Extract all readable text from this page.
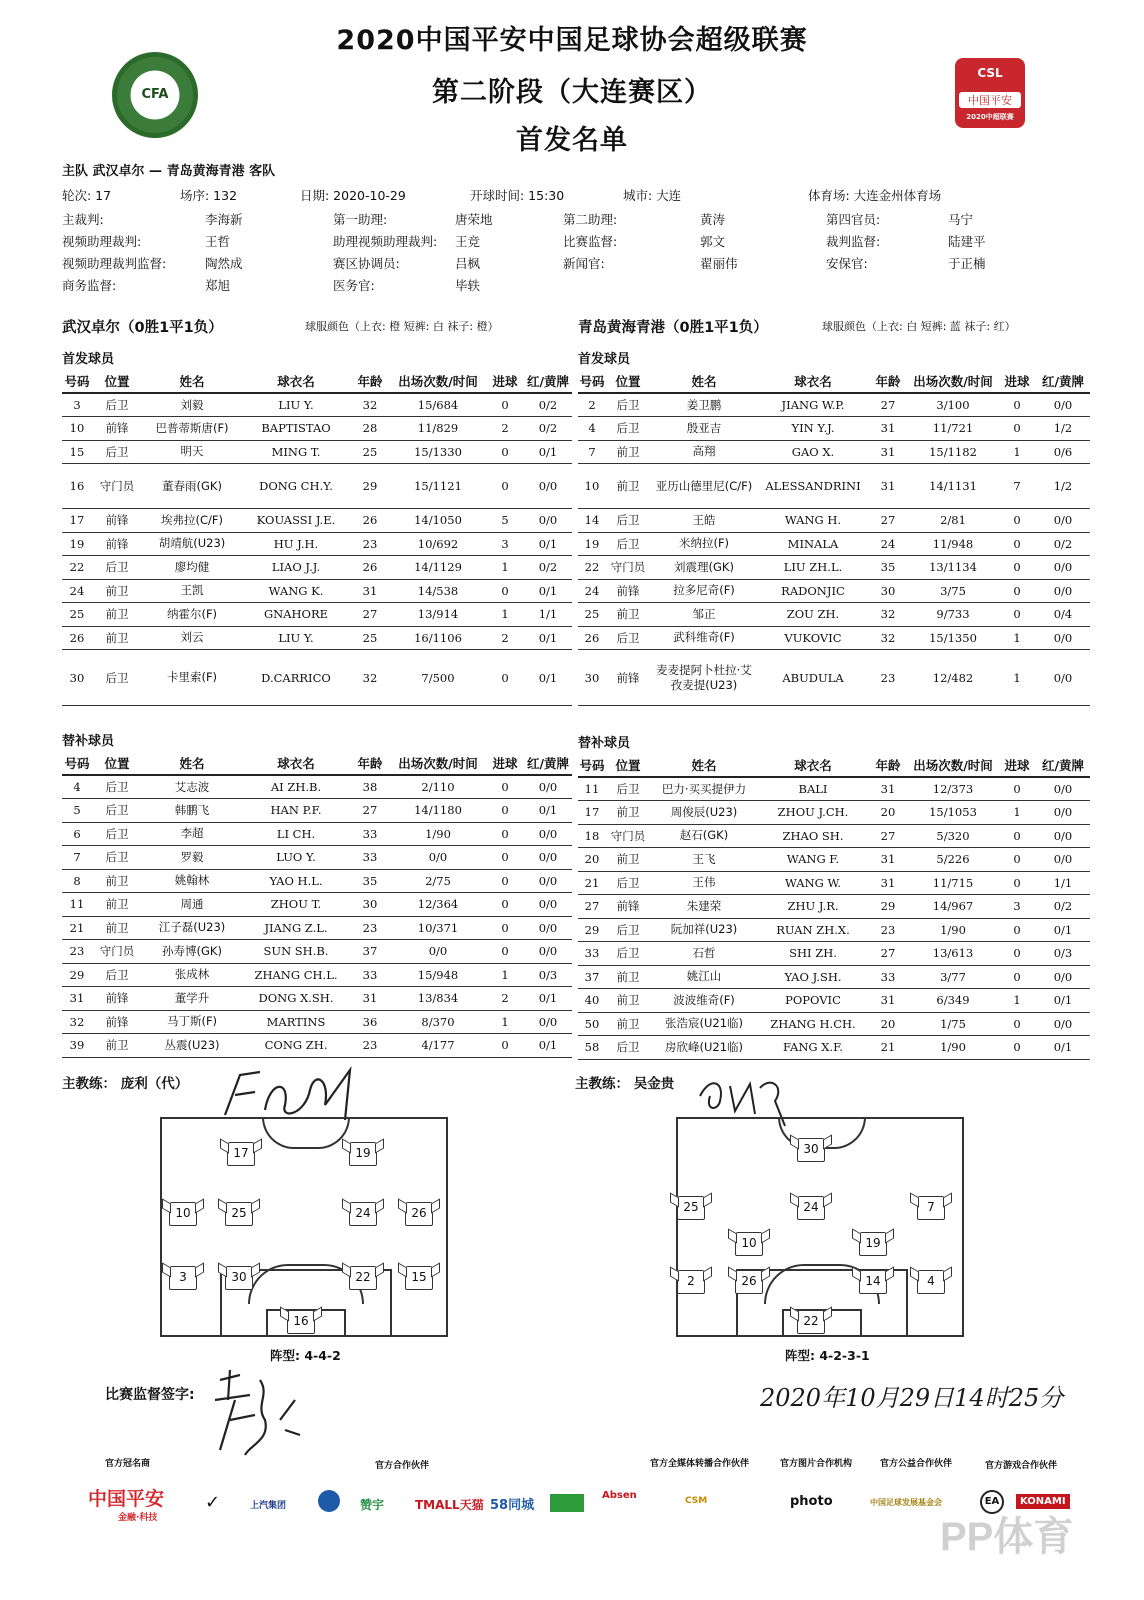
2020中国平安中国足球协会超级联赛
第二阶段（大连赛区）
首发名单
CFA
CSL
中国平安
2020中超联赛
主队 武汉卓尔 — 青岛黄海青港 客队
轮次: 17	场序: 132	日期: 2020-10-29	开球时间: 15:30	城市: 大连	体育场: 大连金州体育场
主裁判:	李海新	第一助理:	唐荣地	第二助理:	黄涛	第四官员:	马宁
视频助理裁判:	王哲	助理视频助理裁判: 王竞	比赛监督:	郭文	裁判监督:	陆建平
视频助理裁判监督:	陶然成	赛区协调员:	吕枫	新闻官:	翟丽伟	安保官:	于正楠
商务监督:	郑旭	医务官:	毕轶
武汉卓尔（0胜1平1负）	球服颜色（上衣: 橙 短裤: 白 袜子: 橙）	青岛黄海青港（0胜1平1负）	球服颜色（上衣: 白 短裤: 蓝 袜子: 红）
首发球员	首发球员
号码	位置	姓名	球衣名	年龄	出场次数/时间	进球	红/黄牌
3	后卫	刘毅	LIU Y.	32	15/684	0	0/2
10	前锋	巴普蒂斯唐(F)	BAPTISTAO	28	11/829	2	0/2
15	后卫	明天	MING T.	25	15/1330	0	0/1
16	守门员	董春雨(GK)	DONG CH.Y.	29	15/1121	0	0/0
17	前锋	埃弗拉(C/F)	KOUASSI J.E.	26	14/1050	5	0/0
19	前锋	胡靖航(U23)	HU J.H.	23	10/692	3	0/1
22	后卫	廖均健	LIAO J.J.	26	14/1129	1	0/2
24	前卫	王凯	WANG K.	31	14/538	0	0/1
25	前卫	纳霍尔(F)	GNAHORE	27	13/914	1	1/1
26	前卫	刘云	LIU Y.	25	16/1106	2	0/1
30	后卫	卡里索(F)	D.CARRICO	32	7/500	0	0/1
号码	位置	姓名	球衣名	年龄	出场次数/时间	进球	红/黄牌
2	后卫	姜卫鹏	JIANG W.P.	27	3/100	0	0/0
4	后卫	殷亚吉	YIN Y.J.	31	11/721	0	1/2
7	前卫	高翔	GAO X.	31	15/1182	1	0/6
10	前卫	亚历山德里尼(C/F)	ALESSANDRINI	31	14/1131	7	1/2
14	后卫	王皓	WANG H.	27	2/81	0	0/0
19	后卫	米纳拉(F)	MINALA	24	11/948	0	0/2
22	守门员	刘震理(GK)	LIU ZH.L.	35	13/1134	0	0/0
24	前锋	拉多尼奇(F)	RADONJIC	30	3/75	0	0/0
25	前卫	邹正	ZOU ZH.	32	9/733	0	0/4
26	后卫	武科维奇(F)	VUKOVIC	32	15/1350	1	0/0
30	前锋	麦麦提阿卜杜拉·艾孜麦提(U23)	ABUDULA	23	12/482	1	0/0
替补球员	替补球员
号码	位置	姓名	球衣名	年龄	出场次数/时间	进球	红/黄牌
4	后卫	艾志波	AI ZH.B.	38	2/110	0	0/0
5	后卫	韩鹏飞	HAN P.F.	27	14/1180	0	0/1
6	后卫	李超	LI CH.	33	1/90	0	0/0
7	后卫	罗毅	LUO Y.	33	0/0	0	0/0
8	前卫	姚翰林	YAO H.L.	35	2/75	0	0/0
11	前卫	周通	ZHOU T.	30	12/364	0	0/0
21	前卫	江子磊(U23)	JIANG Z.L.	23	10/371	0	0/0
23	守门员	孙寿博(GK)	SUN SH.B.	37	0/0	0	0/0
29	后卫	张成林	ZHANG CH.L.	33	15/948	1	0/3
31	前锋	董学升	DONG X.SH.	31	13/834	2	0/1
32	前锋	马丁斯(F)	MARTINS	36	8/370	1	0/0
39	前卫	丛震(U23)	CONG ZH.	23	4/177	0	0/1
号码	位置	姓名	球衣名	年龄	出场次数/时间	进球	红/黄牌
11	后卫	巴力·买买提伊力	BALI	31	12/373	0	0/0
17	前卫	周俊辰(U23)	ZHOU J.CH.	20	15/1053	1	0/0
18	守门员	赵石(GK)	ZHAO SH.	27	5/320	0	0/0
20	前卫	王飞	WANG F.	31	5/226	0	0/0
21	后卫	王伟	WANG W.	31	11/715	0	1/1
27	前锋	朱建荣	ZHU J.R.	29	14/967	3	0/2
29	后卫	阮加祥(U23)	RUAN ZH.X.	23	1/90	0	0/1
33	后卫	石哲	SHI ZH.	27	13/613	0	0/3
37	前卫	姚江山	YAO J.SH.	33	3/77	0	0/0
40	前卫	波波维奇(F)	POPOVIC	31	6/349	1	0/1
50	前卫	张浩宸(U21临)	ZHANG H.CH.	20	1/75	0	0/0
58	后卫	房欣峰(U21临)	FANG X.F.	21	1/90	0	0/1
主教练： 庞利（代）	主教练： 吴金贵
17	19
10	25	24	26
3	30	22	15
16
30
25	24	7
10	19
2	26	14	4
22
阵型: 4-4-2	阵型: 4-2-3-1
比赛监督签字:	2020年10月29日14时25分
官方冠名商	官方合作伙伴	官方全媒体转播合作伙伴	官方图片合作机构	官方公益合作伙伴	官方游戏合作伙伴
中国平安
金融·科技
✓	上汽集团	赞宇	TMALL天猫 58同城
Absen	CSM	photo	中国足球发展基金会	EA	KONAMI
PP体育
